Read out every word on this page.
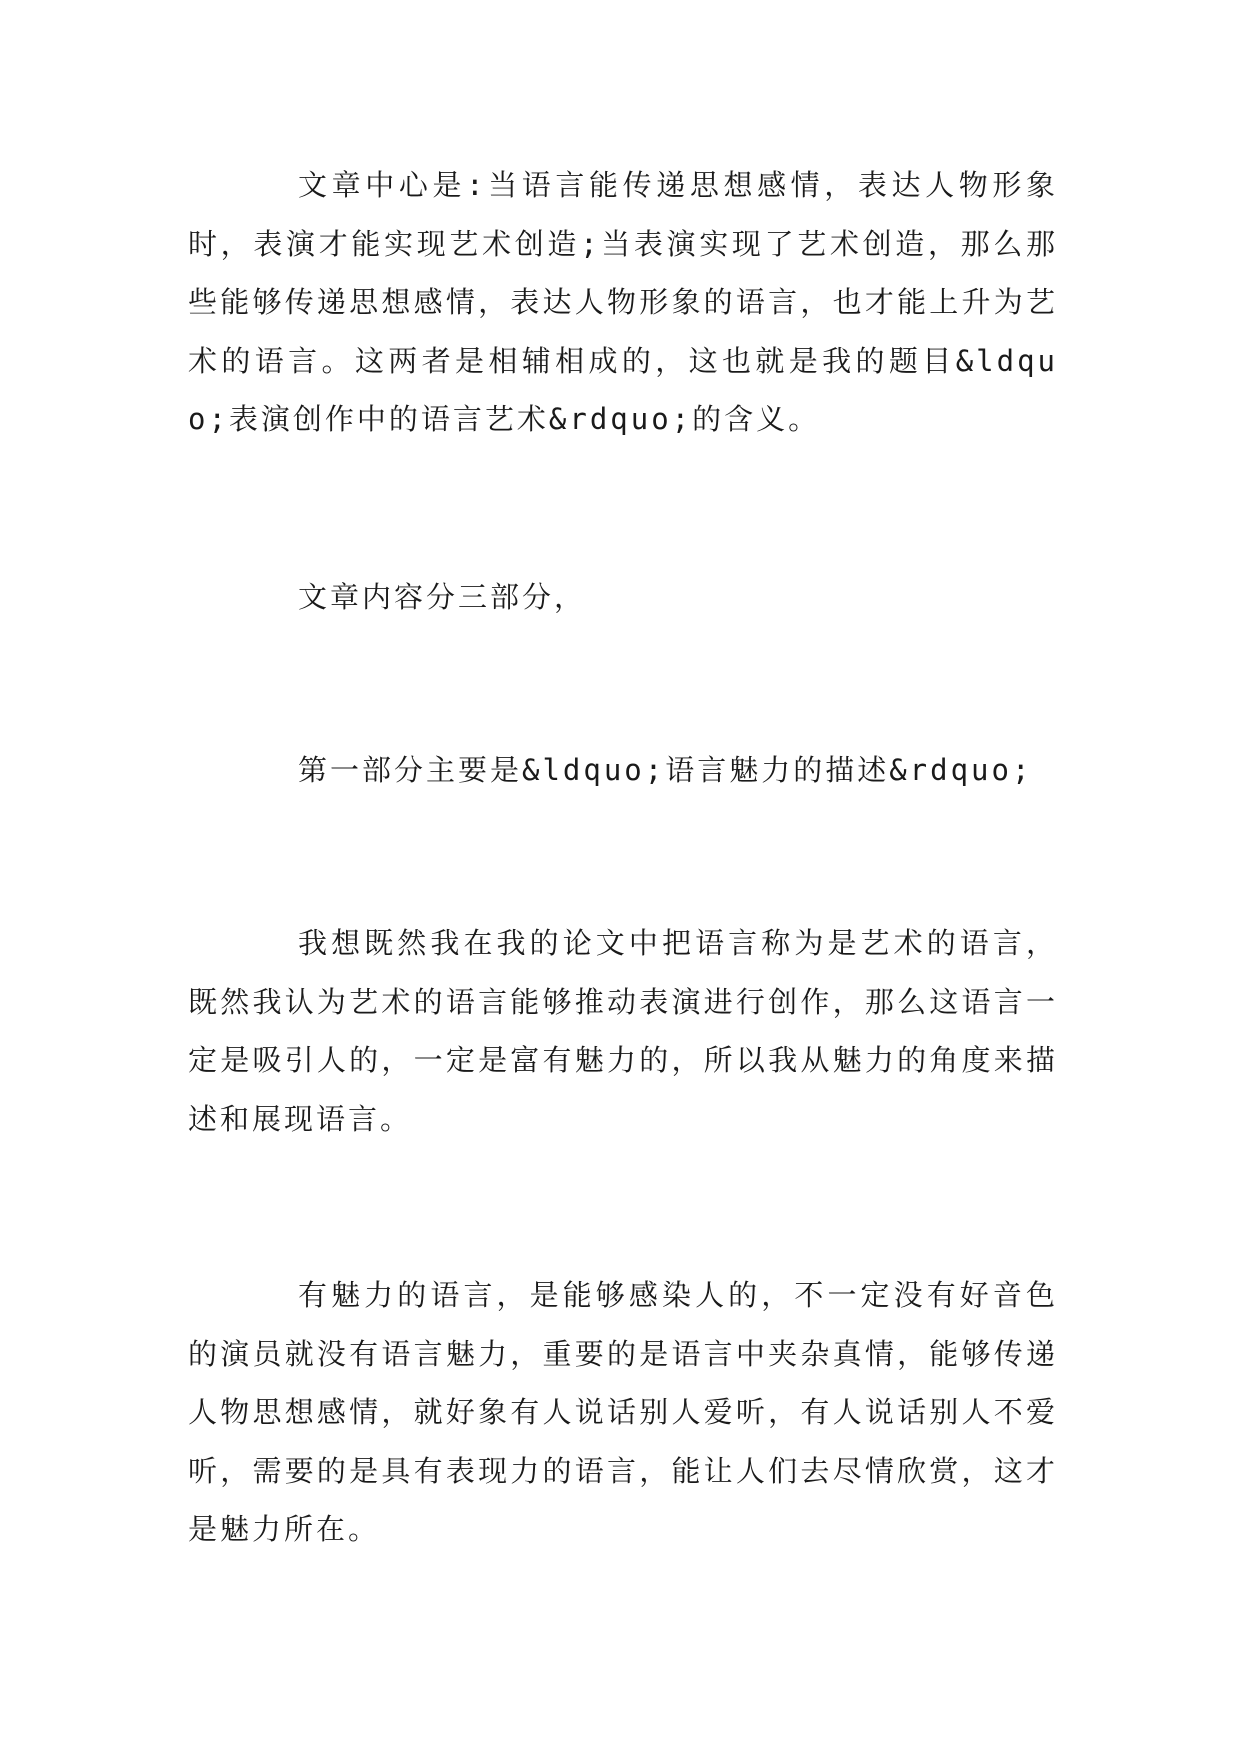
文章中心是:当语言能传递思想感情，表达人物形象时，表演才能实现艺术创造;当表演实现了艺术创造，那么那些能够传递思想感情，表达人物形象的语言，也才能上升为艺术的语言。这两者是相辅相成的，这也就是我的题目&ldquo;表演创作中的语言艺术&rdquo;的含义。

文章内容分三部分，

第一部分主要是&ldquo;语言魅力的描述&rdquo;

我想既然我在我的论文中把语言称为是艺术的语言，既然我认为艺术的语言能够推动表演进行创作，那么这语言一定是吸引人的，一定是富有魅力的，所以我从魅力的角度来描述和展现语言。

有魅力的语言，是能够感染人的，不一定没有好音色的演员就没有语言魅力，重要的是语言中夹杂真情，能够传递人物思想感情，就好象有人说话别人爱听，有人说话别人不爱听，需要的是具有表现力的语言，能让人们去尽情欣赏，这才是魅力所在。
